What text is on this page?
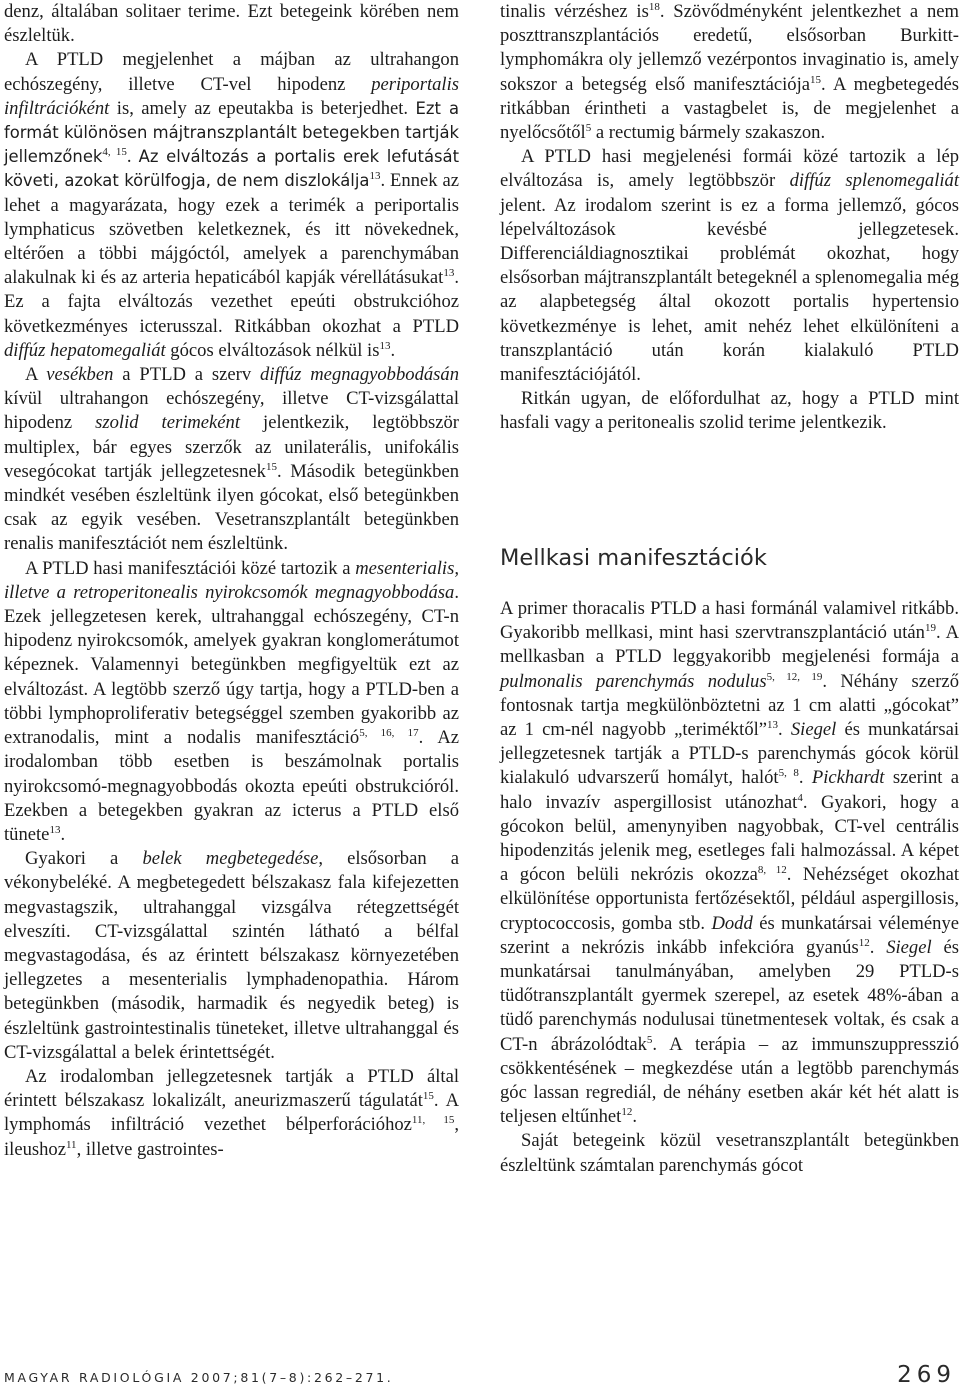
denz, általában solitaer terime. Ezt betegeink körében nem észleltük.

A PTLD megjelenhet a májban az ultrahangon echószegény, illetve CT-vel hipodenz periportalis infiltrációként is, amely az epeutakba is beterjedhet. Ezt a formát különösen májtranszplantált betegekben tartják jellemzőnek$^{4, 15}$. Az elváltozás a portalis erek lefutását követi, azokat körülfogja, de nem diszlokálja$^{13}$. Ennek az lehet a magyarázata, hogy ezek a terimék a periportalis lymphaticus szövetben keletkeznek, és itt növekednek, eltérően a többi májgóctól, amelyek a parenchymában alakulnak ki és az arteria hepaticából kapják vérellátásukat$^{13}$. Ez a fajta elváltozás vezethet epeúti obstrukcióhoz következményes icterusszal. Ritkábban okozhat a PTLD diffúz hepatomegaliát gócos elváltozások nélkül $is^{13}$.

A vesékben a PTLD a szerv diffúz megnagyobbodásán kívül ultrahangon echószegény, illetve CT-vizsgálattal hipodenz szolid terimeként jelentkezik, legtöbbször multiplex, bár egyes szerzők az unilaterális, unifokális vesegócokat tartják jellegzetesnek$^{15}$. Második betegünkben mindkét vesében észleltünk ilyen gócokat, első betegünkben csak az egyik vesében. Vesetranszplantált betegünkben renalis manifesztációt nem észleltünk.

A PTLD hasi manifesztációi közé tartozik a mesenterialis, illetve a retroperitonealis nyirokcsomók megnagyobbodása. Ezek jellegzetesen kerek, ultrahanggal echószegény, CT-n hipodenz nyirokcsomók, amelyek gyakran konglomerátumot képeznek. Valamennyi betegünkben megfigyeltük ezt az elváltozást. A legtöbb szerző úgy tartja, hogy a PTLD-ben a többi lymphoproliferativ betegséggel szemben gyakoribb az extranodalis, mint a nodalis manifesztáció$^{5, 16, 17}$. Az irodalomban több esetben is beszámolnak portalis nyirokcsomó-megnagyobbodás okozta epeúti obstrukcióról. Ezekben a betegekben gyakran az icterus a PTLD első tünete$^{13}$.

Gyakori a belek megbetegedése, elsősorban a vékonybeléké. A megbetegedett bélszakasz fala kifejezetten megvastagszik, ultrahanggal vizsgálva rétegzettségét elveszíti. CT-vizsgálattal szintén látható a bélfal megvastagodása, és az érintett bélszakasz környezetében jellegzetes a mesenterialis lymphadenopathia. Három betegünkben (második, harmadik és negyedik beteg) is észleltünk gastrointestinalis tüneteket, illetve ultrahanggal és CT-vizsgálattal a belek érintettségét.

Az irodalomban jellegzetesnek tartják a PTLD által érintett bélszakasz lokalizált, aneurizmaszerű tágulatát$^{15}$. A lymphomás infiltráció vezethet bélperforációhoz$^{11, 15}$, ileushoz$^{11}$, illetve gastrointes-

tinalis vérzéshez $is^{18}$. Szövődményként jelentkezhet a nem poszttranszplantációs eredetű, elsősorban Burkitt-lymphomákra oly jellemző vezérpontos invaginatio is, amely sokszor a betegség első manifesztációja$^{15}$. A megbetegedés ritkábban érintheti a vastagbelet is, de megjelenhet a nyelőcsőtől$^5$ a rectumig bármely szakaszon.

A PTLD hasi megjelenési formái közé tartozik a lép elváltozása is, amely legtöbbször diffúz splenomegaliát jelent. Az irodalom szerint is ez a forma jellemző, gócos lépelváltozások kevésbé jellegzetesek. Differenciáldiagnosztikai problémát okozhat, hogy elsősorban májtranszplantált betegeknél a splenomegalia még az alapbetegség által okozott portalis hypertensio következménye is lehet, amit nehéz lehet elkülöníteni a transzplantáció után korán kialakuló PTLD manifesztációjától.

Ritkán ugyan, de előfordulhat az, hogy a PTLD mint hasfali vagy a peritonealis szolid terime jelentkezik.

Mellkasi manifesztációk

A primer thoracalis PTLD a hasi formánál valamivel ritkább. Gyakoribb mellkasi, mint hasi szervtranszplantáció után$^{19}$. A mellkasban a PTLD leggyakoribb megjelenési formája a pulmonalis parenchymás nodulus$^{5, 12, 19}$. Néhány szerző fontosnak tartja megkülönböztetni az 1 cm alatti „gócokat” az 1 cm-nél nagyobb „teriméktől”$^{13}$. Siegel és munkatársai jellegzetesnek tartják a PTLD-s parenchymás gócok körül kialakuló udvarszerű homályt, halót$^{5, 8}$. Pickhardt szerint a halo invazív aspergillosist utánozhat$^4$. Gyakori, hogy a gócokon belül, amenynyiben nagyobbak, CT-vel centrális hipodenzitás jelenik meg, esetleges fali halmozással. A képet a gócon belüli nekrózis okozza$^{8, 12}$. Nehézséget okozhat elkülönítése opportunista fertőzésektől, például aspergillosis, cryptococcosis, gomba stb. Dodd és munkatársai véleménye szerint a nekrózis inkább infekcióra gyanús$^{12}$. Siegel és munkatársai tanulmányában, amelyben 29 PTLD-s tüdőtranszplantált gyermek szerepel, az esetek 48%-ában a tüdő parenchymás nodulusai tünetmentesek voltak, és csak a CT-n ábrázolódtak$^5$. A terápia – az immunszuppresszió csökkentésének – megkezdése után a legtöbb parenchymás góc lassan regrediál, de néhány esetben akár két hét alatt is teljesen eltűnhet$^{12}$.

Saját betegeink közül vesetranszplantált betegünkben észleltünk számtalan parenchymás gócot

MAGYAR RADIOLÓGIA 2007;81(7–8):262–271.	269
